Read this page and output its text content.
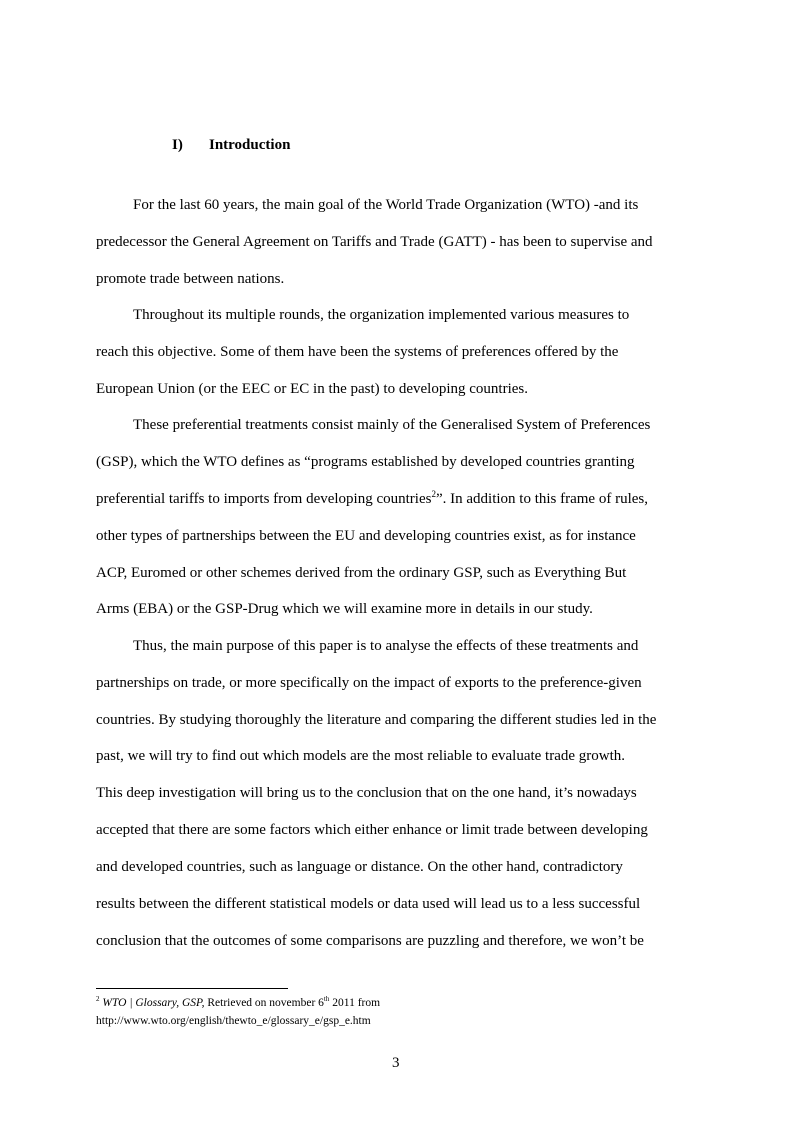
I) Introduction
For the last 60 years, the main goal of the World Trade Organization (WTO) -and its
predecessor the General Agreement on Tariffs and Trade (GATT) - has been to supervise and
promote trade between nations.
Throughout its multiple rounds, the organization implemented various measures to
reach this objective. Some of them have been the systems of preferences offered by the
European Union (or the EEC or EC in the past) to developing countries.
These preferential treatments consist mainly of the Generalised System of Preferences
(GSP), which the WTO defines as “programs established by developed countries granting
preferential tariffs to imports from developing countries$^2$”. In addition to this frame of rules,
other types of partnerships between the EU and developing countries exist, as for instance
ACP, Euromed or other schemes derived from the ordinary GSP, such as Everything But
Arms (EBA) or the GSP-Drug which we will examine more in details in our study.
Thus, the main purpose of this paper is to analyse the effects of these treatments and
partnerships on trade, or more specifically on the impact of exports to the preference-given
countries. By studying thoroughly the literature and comparing the different studies led in the
past, we will try to find out which models are the most reliable to evaluate trade growth.
This deep investigation will bring us to the conclusion that on the one hand, it’s nowadays
accepted that there are some factors which either enhance or limit trade between developing
and developed countries, such as language or distance. On the other hand, contradictory
results between the different statistical models or data used will lead us to a less successful
conclusion that the outcomes of some comparisons are puzzling and therefore, we won’t be
$^2$ WTO | Glossary, GSP, Retrieved on november 6th 2011 from
http://www.wto.org/english/thewto_e/glossary_e/gsp_e.htm
3
